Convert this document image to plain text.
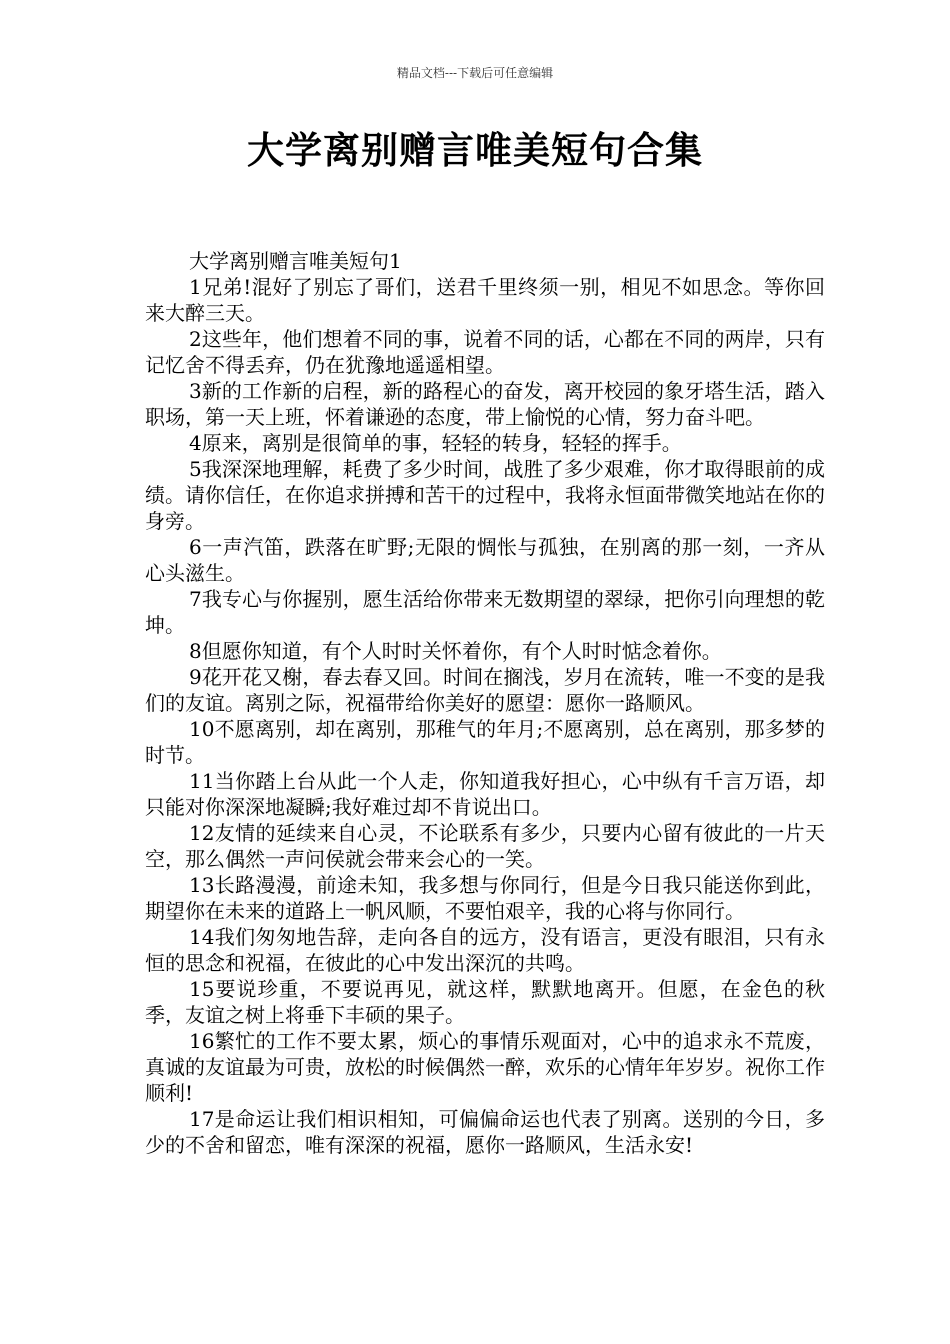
精品文档---下载后可任意编辑
大学离别赠言唯美短句合集

大学离别赠言唯美短句1

1兄弟!混好了别忘了哥们，送君千里终须一别，相见不如思念。等你回来大醉三天。

2这些年，他们想着不同的事，说着不同的话，心都在不同的两岸，只有记忆舍不得丢弃，仍在犹豫地遥遥相望。

3新的工作新的启程，新的路程心的奋发，离开校园的象牙塔生活，踏入职场，第一天上班，怀着谦逊的态度，带上愉悦的心情，努力奋斗吧。

4原来，离别是很简单的事，轻轻的转身，轻轻的挥手。

5我深深地理解，耗费了多少时间，战胜了多少艰难，你才取得眼前的成绩。请你信任，在你追求拼搏和苦干的过程中，我将永恒面带微笑地站在你的身旁。

6一声汽笛，跌落在旷野;无限的惆怅与孤独，在别离的那一刻，一齐从心头滋生。

7我专心与你握别，愿生活给你带来无数期望的翠绿，把你引向理想的乾坤。

8但愿你知道，有个人时时关怀着你，有个人时时惦念着你。

9花开花又榭，春去春又回。时间在搁浅，岁月在流转，唯一不变的是我们的友谊。离别之际，祝福带给你美好的愿望：愿你一路顺风。

10不愿离别，却在离别，那稚气的年月;不愿离别，总在离别，那多梦的时节。

11当你踏上台从此一个人走，你知道我好担心，心中纵有千言万语，却只能对你深深地凝瞬;我好难过却不肯说出口。

12友情的延续来自心灵，不论联系有多少，只要内心留有彼此的一片天空，那么偶然一声问侯就会带来会心的一笑。

13长路漫漫，前途未知，我多想与你同行，但是今日我只能送你到此，期望你在未来的道路上一帆风顺，不要怕艰辛，我的心将与你同行。

14我们匆匆地告辞，走向各自的远方，没有语言，更没有眼泪，只有永恒的思念和祝福，在彼此的心中发出深沉的共鸣。

15要说珍重，不要说再见，就这样，默默地离开。但愿，在金色的秋季，友谊之树上将垂下丰硕的果子。

16繁忙的工作不要太累，烦心的事情乐观面对，心中的追求永不荒废，真诚的友谊最为可贵，放松的时候偶然一醉，欢乐的心情年年岁岁。祝你工作顺利!

17是命运让我们相识相知，可偏偏命运也代表了别离。送别的今日，多少的不舍和留恋，唯有深深的祝福，愿你一路顺风，生活永安!
